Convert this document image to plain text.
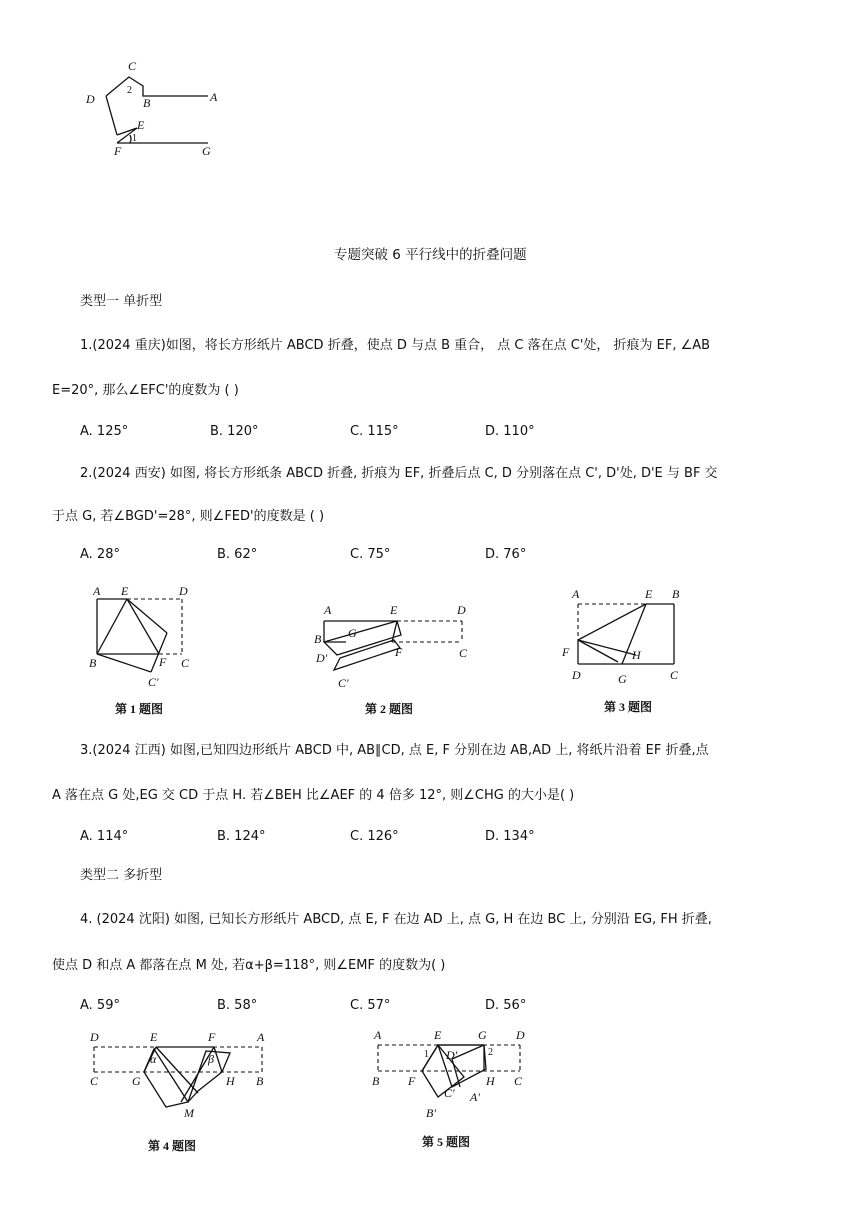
C
D
2
B	A
E
1
F	G
专题突破 6 平行线中的折叠问题
类型一 单折型
1.(2024 重庆)如图，将长方形纸片 ABCD 折叠，使点 D 与点 B 重合， 点 C 落在点 C'处， 折痕为 EF, ∠AB
E=20°, 那么∠EFC'的度数为 ( )
A. 125°	B. 120°	C. 115°	D. 110°
2.(2024 西安) 如图, 将长方形纸条 ABCD 折叠, 折痕为 EF, 折叠后点 C, D 分别落在点 C', D'处, D'E 与 BF 交
于点 G, 若∠BGD'=28°, 则∠FED'的度数是 ( )
A. 28°	B. 62°	C. 75°	D. 76°
A E	D
B	F C
C'
第 1 题图
A	E	D
B G
F	C
D'
C'
第 2 题图
A	E B
F	H
D	G	C
第 3 题图
3.(2024 江西) 如图,已知四边形纸片 ABCD 中, AB∥CD, 点 E, F 分别在边 AB,AD 上, 将纸片沿着 EF 折叠,点
A 落在点 G 处,EG 交 CD 于点 H. 若∠BEH 比∠AEF 的 4 倍多 12°, 则∠CHG 的大小是( )
A. 114°	B. 124°	C. 126°	D. 134°
类型二 多折型
4. (2024 沈阳) 如图, 已知长方形纸片 ABCD, 点 E, F 在边 AD 上, 点 G, H 在边 BC 上, 分别沿 EG, FH 折叠,
使点 D 和点 A 都落在点 M 处, 若α+β=118°, 则∠EMF 的度数为( )
A. 59°	B. 58°	C. 57°	D. 56°
D	E	F	A
α	β
C	G	H B
M
第 4 题图
A	E	G D
1 D'	2
B F	H C
C' A'
B'
第 5 题图
